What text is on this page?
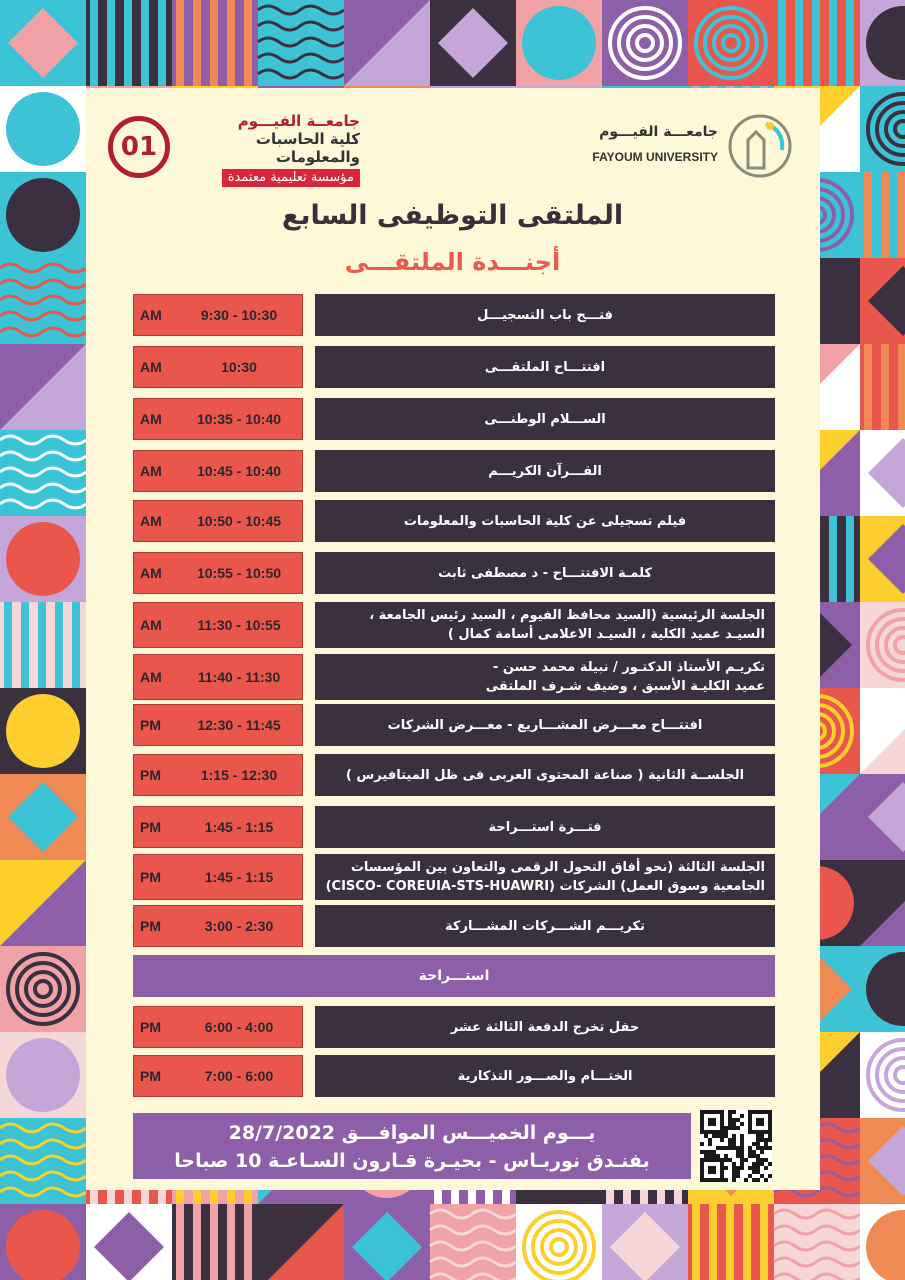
01
جامعــة الفيـــوم
كلية الحاسبات والمعلومات
مؤسسة تعليمية معتمدة
جامعـــة الفيـــوم
FAYOUM UNIVERSITY
الملتقى التوظيفى السابع
أجنـــدة الملتقـــى
AM	9:30 - 10:30	فتـــح باب التسجيـــل
AM	10:30	افتتـــاح الملتقـــى
AM	10:35 - 10:40	الســـلام الوطنـــى
AM	10:45 - 10:40	القـــرآن الكريـــم
AM	10:50 - 10:45	فيلم تسجيلى عن كلية الحاسبات والمعلومات
AM	10:55 - 10:50	كلمـة الافتتـــاح - د مصطفى ثابت
AM	11:30 - 10:55
الجلسة الرئيسية (السيد محافظ الفيوم ، السيد رئيس الجامعة ،
السيـد عميد الكلية ، السيـد الاعلامى أسامة كمال )
AM	11:40 - 11:30
تكريـم الأستاذ الدكتـور / نبيلة محمد حسن -
عميد الكليـة الأسبق ، وضيف شـرف الملتقى
PM	12:30 - 11:45	افتتـــاح معـــرض المشـــاريع - معـــرض الشركات
PM	1:15 - 12:30	الجلســة الثانية ( صناعة المحتوى العربى فى ظل الميتافيرس )
PM	1:45 - 1:15	فتـــرة استـــراحة
PM	1:45 - 1:15
الجلسة الثالثة (نحو أفاق التحول الرقمى والتعاون بين المؤسسات
الجامعية وسوق العمل) الشركات (CISCO- COREUIA-STS-HUAWRI)
PM	3:00 - 2:30	تكريـــم الشـــركات المشـــاركة
PM	6:00 - 4:00	حفل تخرج الدفعة الثالثة عشر
PM	7:00 - 6:00	الختـــام والصـــور التذكارية
استـــراحة
يـــوم الخميـــس الموافـــق 28/7/2022
بفنـدق نوربـاس - بحيـرة قـارون السـاعـة 10 صباحا
